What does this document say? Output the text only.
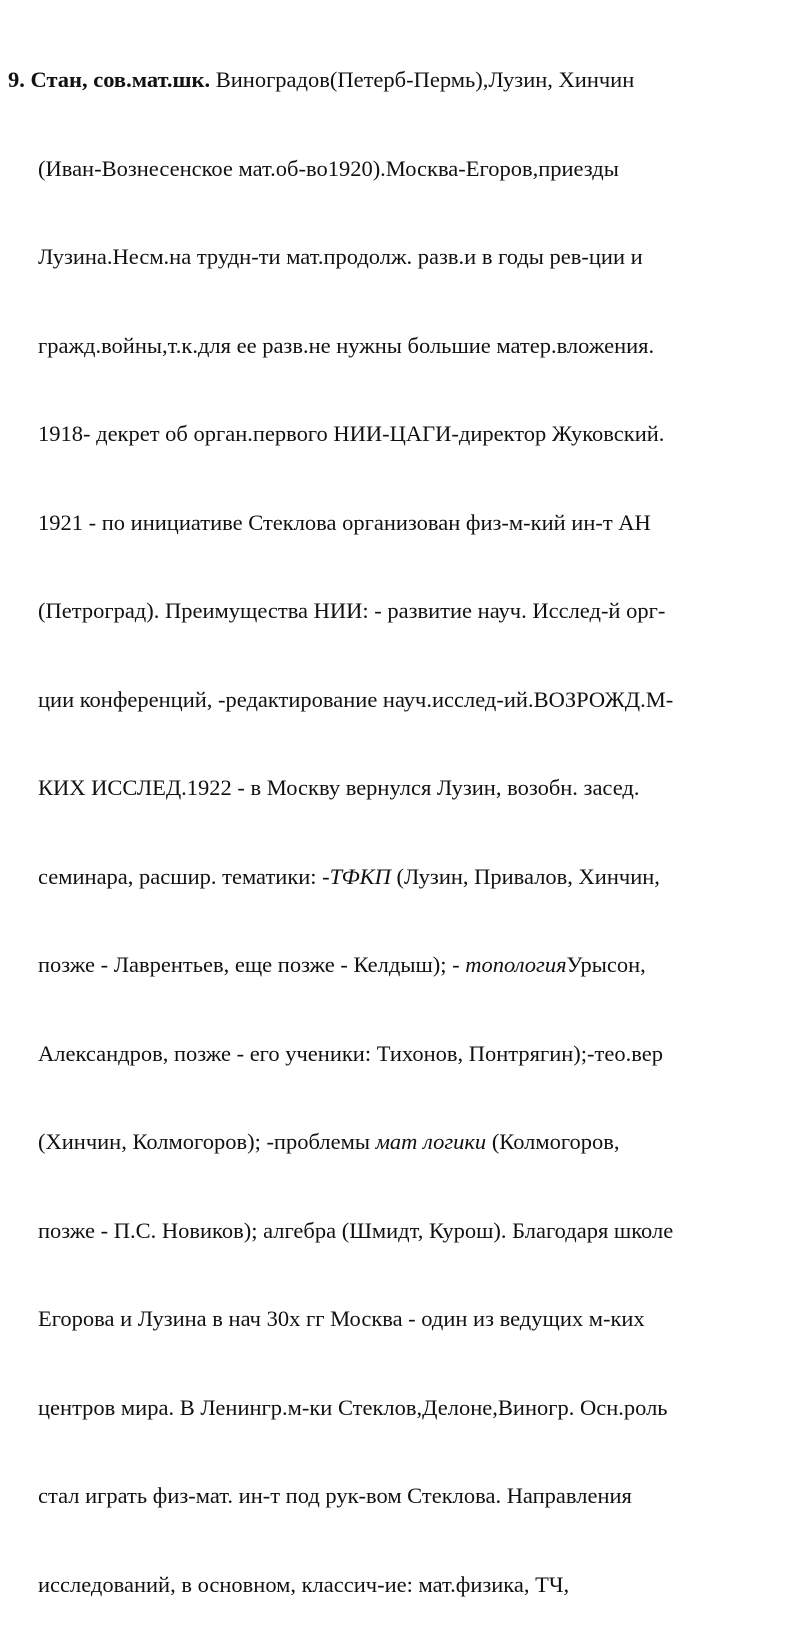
9. Стан, сов.мат.шк. Виноградов(Петерб-Пермь),Лузин, Хинчин

(Иван-Вознесенское мат.об-во1920).Москва-Егоров,приезды

Лузина.Несм.на трудн-ти мат.продолж. разв.и в годы рев-ции и

гражд.войны,т.к.для ее разв.не нужны большие матер.вложения.

1918- декрет об орган.первого НИИ-ЦАГИ-директор Жуковский.

1921 - по инициативе Стеклова организован физ-м-кий ин-т АН

(Петроград). Преимущества НИИ: - развитие науч. Исслед-й орг-

ции конференций, -редактирование науч.исслед-ий.ВОЗРОЖД.М-

КИХ ИССЛЕД.1922 - в Москву вернулся Лузин, возобн. засед.

семинара, расшир. тематики: -ТФКП (Лузин, Привалов, Хинчин,

позже - Лаврентьев, еще позже - Келдыш); - топологияУрысон,

Александров, позже - его ученики: Тихонов, Понтрягин);-тео.вер

(Хинчин, Колмогоров); -проблемы мат логики (Колмогоров,

позже - П.С. Новиков); алгебра (Шмидт, Курош). Благодаря школе

Егорова и Лузина в нач 30х гг Москва - один из ведущих м-ких

центров мира. В Ленингр.м-ки Стеклов,Делоне,Виногр. Осн.роль

стал играть физ-мат. ин-т под рук-вом Стеклова. Направления

исследований, в основном, классич-ие: мат.физика, ТЧ,
